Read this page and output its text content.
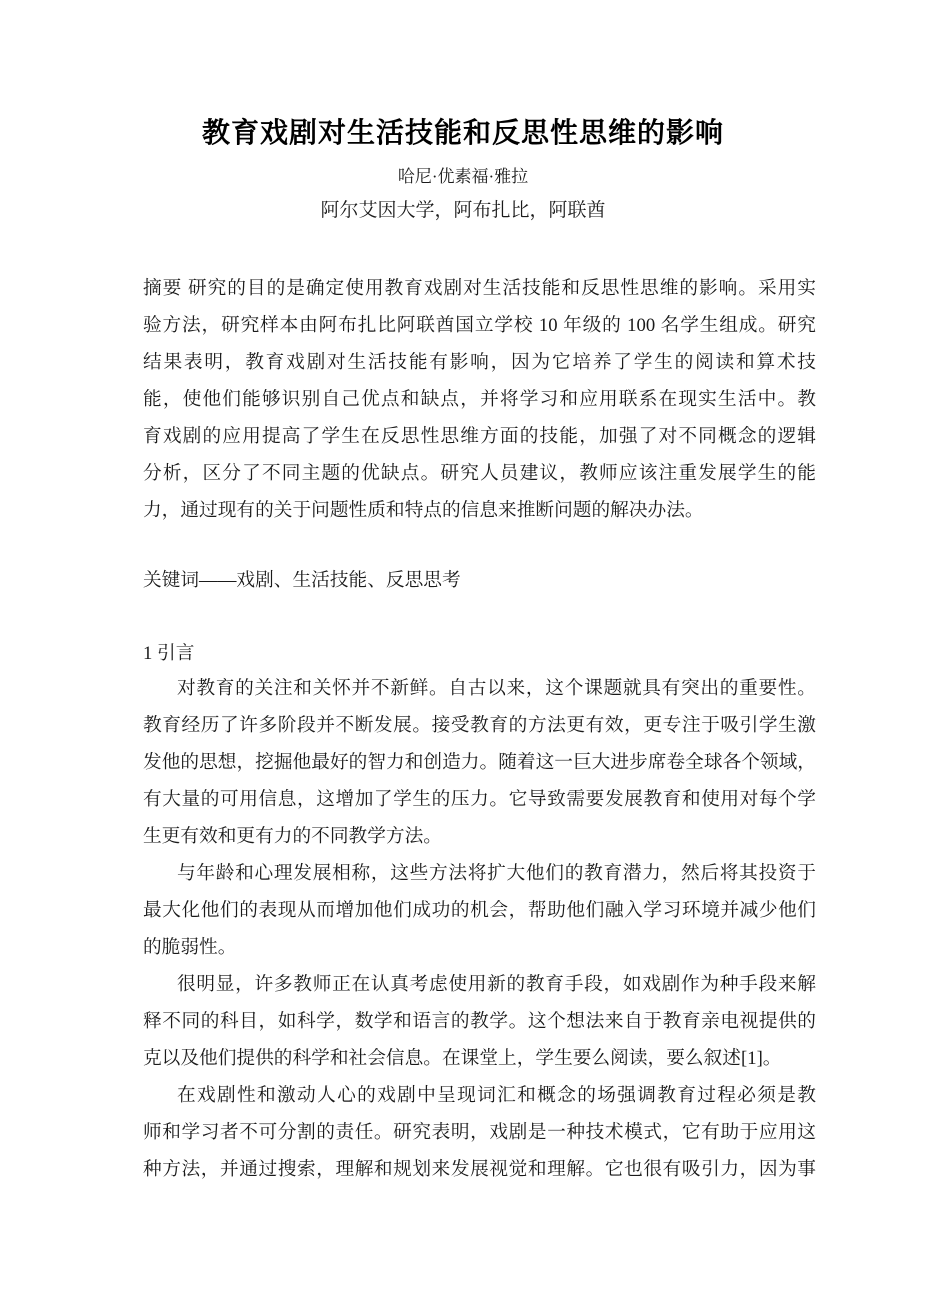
教育戏剧对生活技能和反思性思维的影响
哈尼·优素福·雅拉
阿尔艾因大学，阿布扎比，阿联酋
摘要 研究的目的是确定使用教育戏剧对生活技能和反思性思维的影响。采用实
验方法，研究样本由阿布扎比阿联酋国立学校 10 年级的 100 名学生组成。研究
结果表明，教育戏剧对生活技能有影响，因为它培养了学生的阅读和算术技
能，使他们能够识别自己优点和缺点，并将学习和应用联系在现实生活中。教
育戏剧的应用提高了学生在反思性思维方面的技能，加强了对不同概念的逻辑
分析，区分了不同主题的优缺点。研究人员建议，教师应该注重发展学生的能
力，通过现有的关于问题性质和特点的信息来推断问题的解决办法。
关键词——戏剧、生活技能、反思思考
1 引言
对教育的关注和关怀并不新鲜。自古以来，这个课题就具有突出的重要性。
教育经历了许多阶段并不断发展。接受教育的方法更有效，更专注于吸引学生激
发他的思想，挖掘他最好的智力和创造力。随着这一巨大进步席卷全球各个领域，
有大量的可用信息，这增加了学生的压力。它导致需要发展教育和使用对每个学
生更有效和更有力的不同教学方法。
与年龄和心理发展相称，这些方法将扩大他们的教育潜力，然后将其投资于
最大化他们的表现从而增加他们成功的机会，帮助他们融入学习环境并减少他们
的脆弱性。
很明显，许多教师正在认真考虑使用新的教育手段，如戏剧作为种手段来解
释不同的科目，如科学，数学和语言的教学。这个想法来自于教育亲电视提供的
克以及他们提供的科学和社会信息。在课堂上，学生要么阅读，要么叙述[1]。
在戏剧性和激动人心的戏剧中呈现词汇和概念的场强调教育过程必须是教
师和学习者不可分割的责任。研究表明，戏剧是一种技术模式，它有助于应用这
种方法，并通过搜索，理解和规划来发展视觉和理解。它也很有吸引力，因为事
